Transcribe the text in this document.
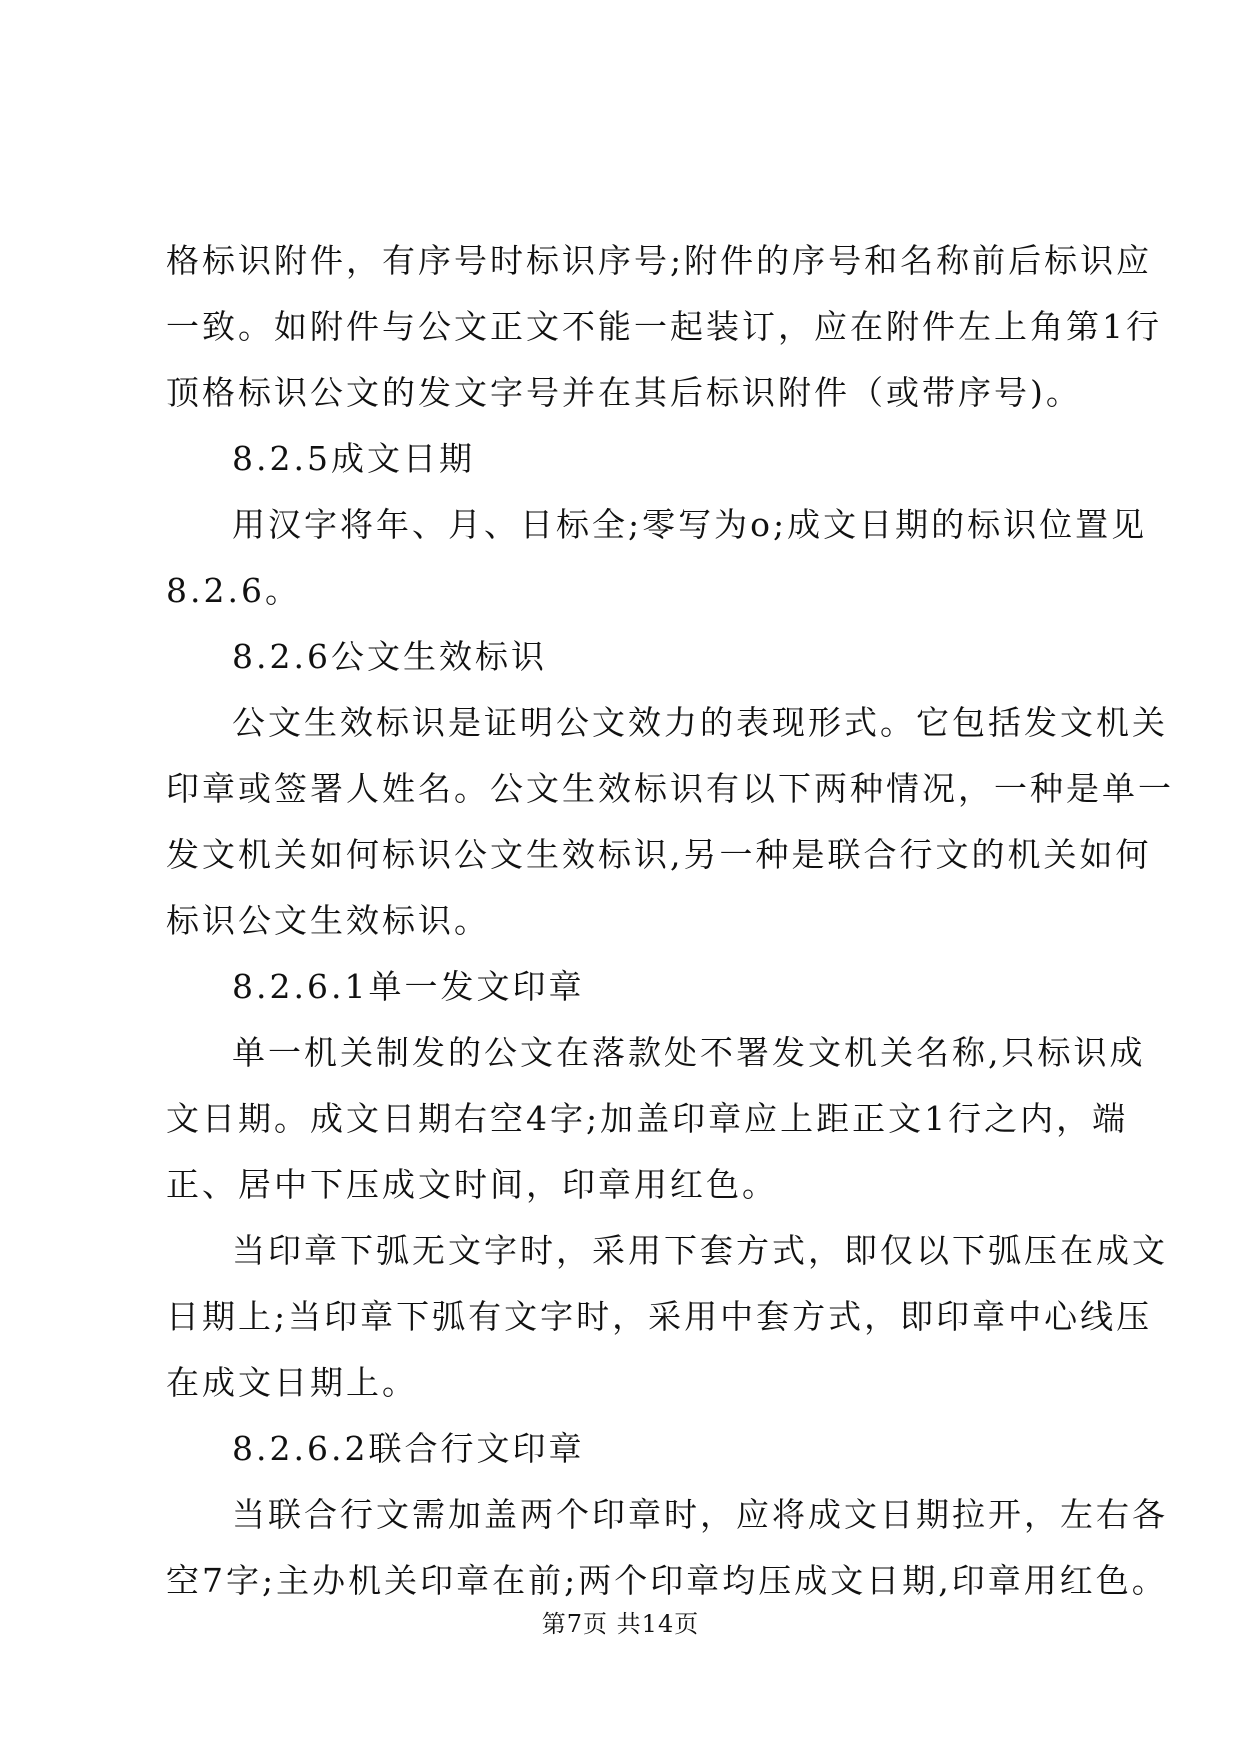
格标识附件，有序号时标识序号;附件的序号和名称前后标识应
一致。如附件与公文正文不能一起装订，应在附件左上角第1行
顶格标识公文的发文字号并在其后标识附件（或带序号)。
8.2.5成文日期
用汉字将年、月、日标全;零写为o;成文日期的标识位置见
8.2.6。
8.2.6公文生效标识
公文生效标识是证明公文效力的表现形式。它包括发文机关
印章或签署人姓名。公文生效标识有以下两种情况，一种是单一
发文机关如何标识公文生效标识,另一种是联合行文的机关如何
标识公文生效标识。
8.2.6.1单一发文印章
单一机关制发的公文在落款处不署发文机关名称,只标识成
文日期。成文日期右空4字;加盖印章应上距正文1行之内，端
正、居中下压成文时间，印章用红色。
当印章下弧无文字时，采用下套方式，即仅以下弧压在成文
日期上;当印章下弧有文字时，采用中套方式，即印章中心线压
在成文日期上。
8.2.6.2联合行文印章
当联合行文需加盖两个印章时，应将成文日期拉开，左右各
空7字;主办机关印章在前;两个印章均压成文日期,印章用红色。
第7页 共14页
